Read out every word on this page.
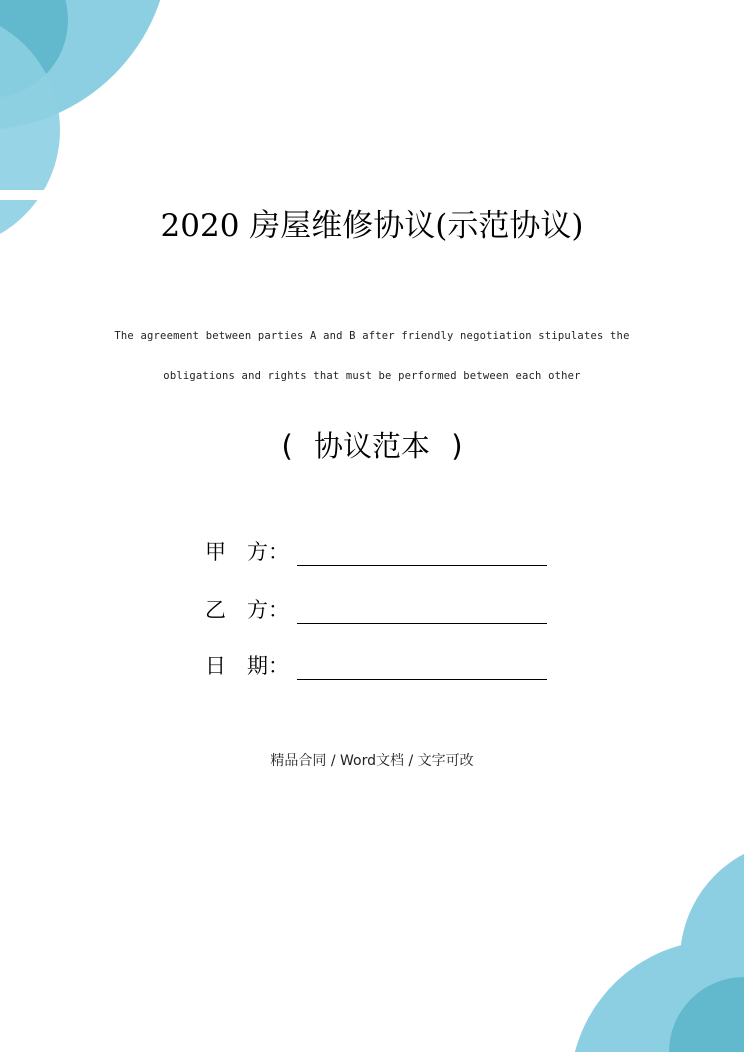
2020 房屋维修协议(示范协议)
The agreement between parties A and B after friendly negotiation stipulates the
obligations and rights that must be performed between each other
( 协议范本 )
甲　方：
乙　方：
日　期：
精品合同 / Word文档 / 文字可改
